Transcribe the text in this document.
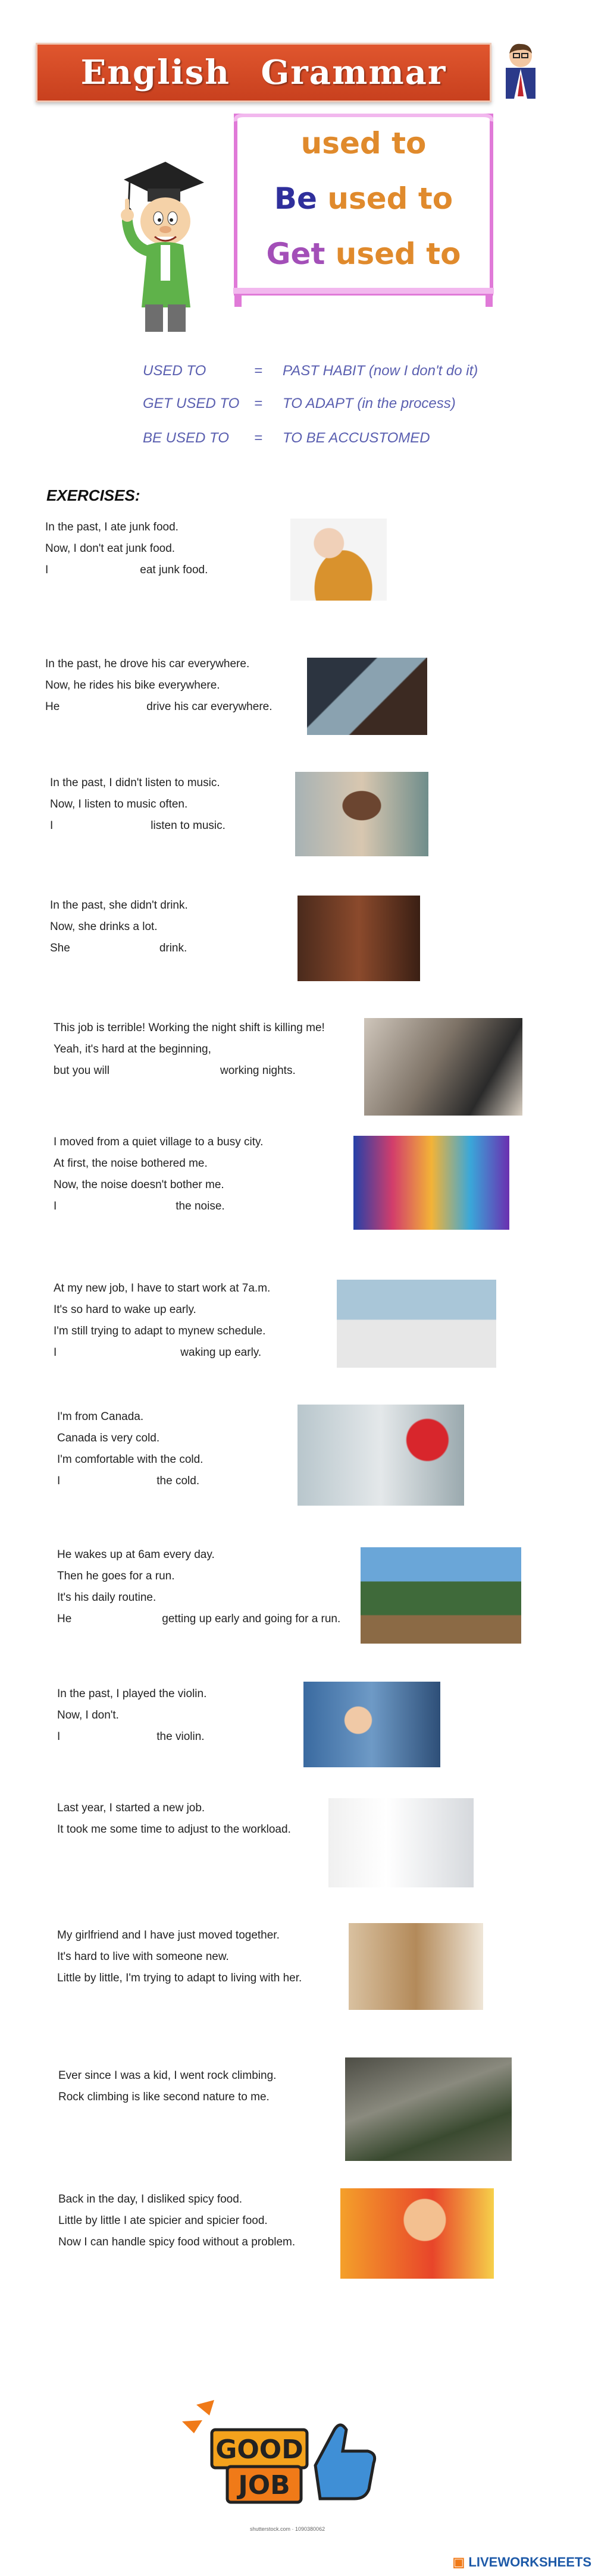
English Grammar
used to
Be used to
Get used to
USED TO	= PAST HABIT (now I don't do it)
GET USED TO = TO ADAPT (in the process)
BE USED TO = TO BE ACCUSTOMED
EXERCISES:
In the past, I ate junk food.
Now, I don't eat junk food.
I	eat junk food.
In the past, he drove his car everywhere.
Now, he rides his bike everywhere.
He	drive his car everywhere.
In the past, I didn't listen to music.
Now, I listen to music often.
I	listen to music.
In the past, she didn't drink.
Now, she drinks a lot.
She	drink.
This job is terrible! Working the night shift is killing me!
Yeah, it's hard at the beginning,
but you will	working nights.
I moved from a quiet village to a busy city.
At first, the noise bothered me.
Now, the noise doesn't bother me.
I	the noise.
At my new job, I have to start work at 7a.m.
It's so hard to wake up early.
I'm still trying to adapt to mynew schedule.
I	waking up early.
I'm from Canada.
Canada is very cold.
I'm comfortable with the cold.
I	the cold.
He wakes up at 6am every day.
Then he goes for a run.
It's his daily routine.
He	getting up early and going for a run.
In the past, I played the violin.
Now, I don't.
I	the violin.
Last year, I started a new job.
It took me some time to adjust to the workload.
My girlfriend and I have just moved together.
It's hard to live with someone new.
Little by little, I'm trying to adapt to living with her.
Ever since I was a kid, I went rock climbing.
Rock climbing is like second nature to me.
Back in the day, I disliked spicy food.
Little by little I ate spicier and spicier food.
Now I can handle spicy food without a problem.
GOOD
JOB
shutterstock.com · 1090380062
▣ LIVEWORKSHEETS
